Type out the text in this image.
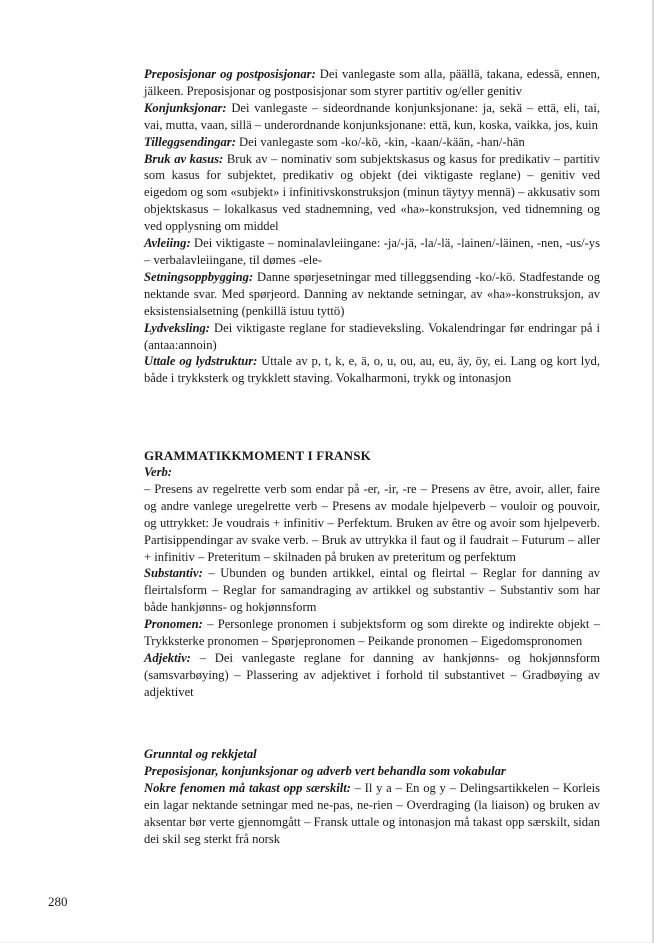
Preposisjonar og postposisjonar: Dei vanlegaste som alla, päällä, takana, edessä, ennen, jälkeen. Preposisjonar og postposisjonar som styrer partitiv og/eller genitiv

Konjunksjonar: Dei vanlegaste – sideordnande konjunksjonane: ja, sekä – että, eli, tai, vai, mutta, vaan, sillä – underordnande konjunksjonane: että, kun, koska, vaikka, jos, kuin

Tilleggsendingar: Dei vanlegaste som -ko/-kö, -kin, -kaan/-kään, -han/-hän

Bruk av kasus: Bruk av – nominativ som subjektskasus og kasus for predikativ – partitiv som kasus for subjektet, predikativ og objekt (dei viktigaste reglane) – genitiv ved eigedom og som «subjekt» i infinitivskonstruksjon (minun täytyy mennä) – akkusativ som objektskasus – lokalkasus ved stadnemning, ved «ha»-konstruksjon, ved tidnemning og ved opplysning om middel

Avleiing: Dei viktigaste – nominalavleiingane: -ja/-jä, -la/-lä, -lainen/-läinen, -nen, -us/-ys – verbalavleiingane, til dømes -ele-

Setningsoppbygging: Danne spørjesetningar med tilleggsending -ko/-kö. Stadfestande og nektande svar. Med spørjeord. Danning av nektande setningar, av «ha»-konstruksjon, av eksistensialsetning (penkillä istuu tyttö)

Lydveksling: Dei viktigaste reglane for stadieveksling. Vokalendringar før endringar på i (antaa:annoin)

Uttale og lydstruktur: Uttale av p, t, k, e, ä, o, u, ou, au, eu, äy, öy, ei. Lang og kort lyd, både i trykksterk og trykklett staving. Vokalharmoni, trykk og intonasjon

GRAMMATIKKMOMENT I FRANSK

Verb:

– Presens av regelrette verb som endar på -er, -ir, -re – Presens av être, avoir, aller, faire og andre vanlege uregelrette verb – Presens av modale hjelpeverb – vouloir og pouvoir, og uttrykket: Je voudrais + infinitiv – Perfektum. Bruken av être og avoir som hjelpeverb. Partisippendingar av svake verb. – Bruk av uttrykka il faut og il faudrait – Futurum – aller + infinitiv – Preteritum – skilnaden på bruken av preteritum og perfektum

Substantiv: – Ubunden og bunden artikkel, eintal og fleirtal – Reglar for danning av fleirtalsform – Reglar for samandraging av artikkel og substantiv – Substantiv som har både hankjønns- og hokjønnsform

Pronomen: – Personlege pronomen i subjektsform og som direkte og indirekte objekt – Trykksterke pronomen – Spørjepronomen – Peikande pronomen – Eigedomspronomen

Adjektiv: – Dei vanlegaste reglane for danning av hankjønns- og hokjønnsform (samsvarbøying) – Plassering av adjektivet i forhold til substantivet – Gradbøying av adjektivet

Grunntal og rekkjetal

Preposisjonar, konjunksjonar og adverb vert behandla som vokabular

Nokre fenomen må takast opp særskilt: – Il y a – En og y – Delingsartikkelen – Korleis ein lagar nektande setningar med ne-pas, ne-rien – Overdraging (la liaison) og bruken av aksentar bør verte gjennomgått – Fransk uttale og intonasjon må takast opp særskilt, sidan dei skil seg sterkt frå norsk

280
